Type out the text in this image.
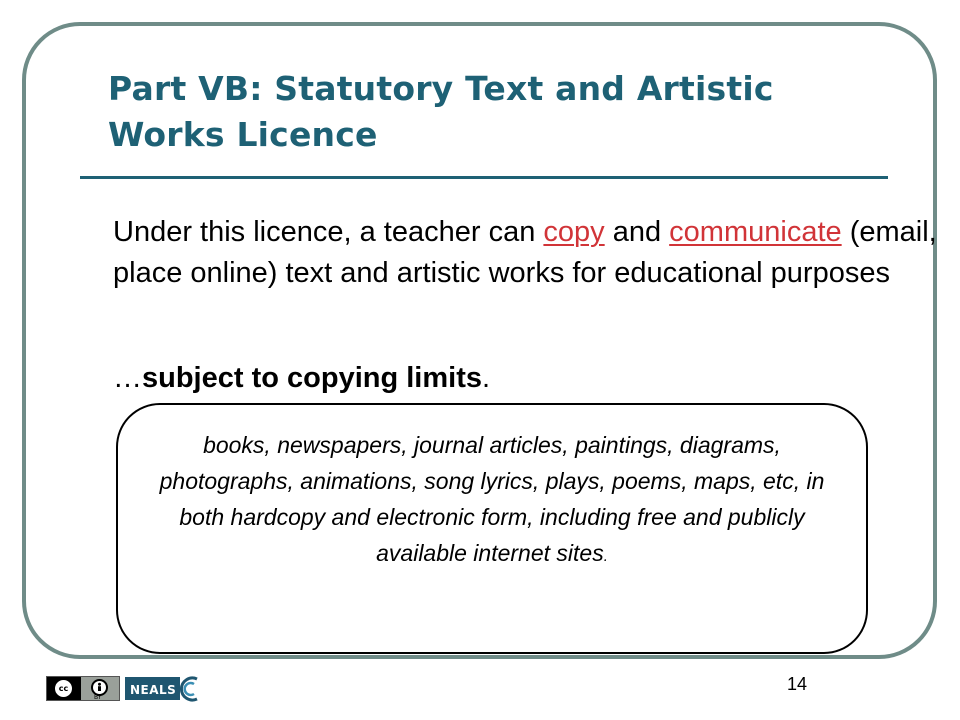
Part VB: Statutory Text and Artistic
Works Licence

Under this licence, a teacher can copy and communicate (email, place online) text and artistic works for educational purposes

…subject to copying limits.

books, newspapers, journal articles, paintings, diagrams, photographs, animations, song lyrics, plays, poems, maps, etc, in both hardcopy and electronic form, including free and publicly available internet sites.

cc
BY
NEALS	14
